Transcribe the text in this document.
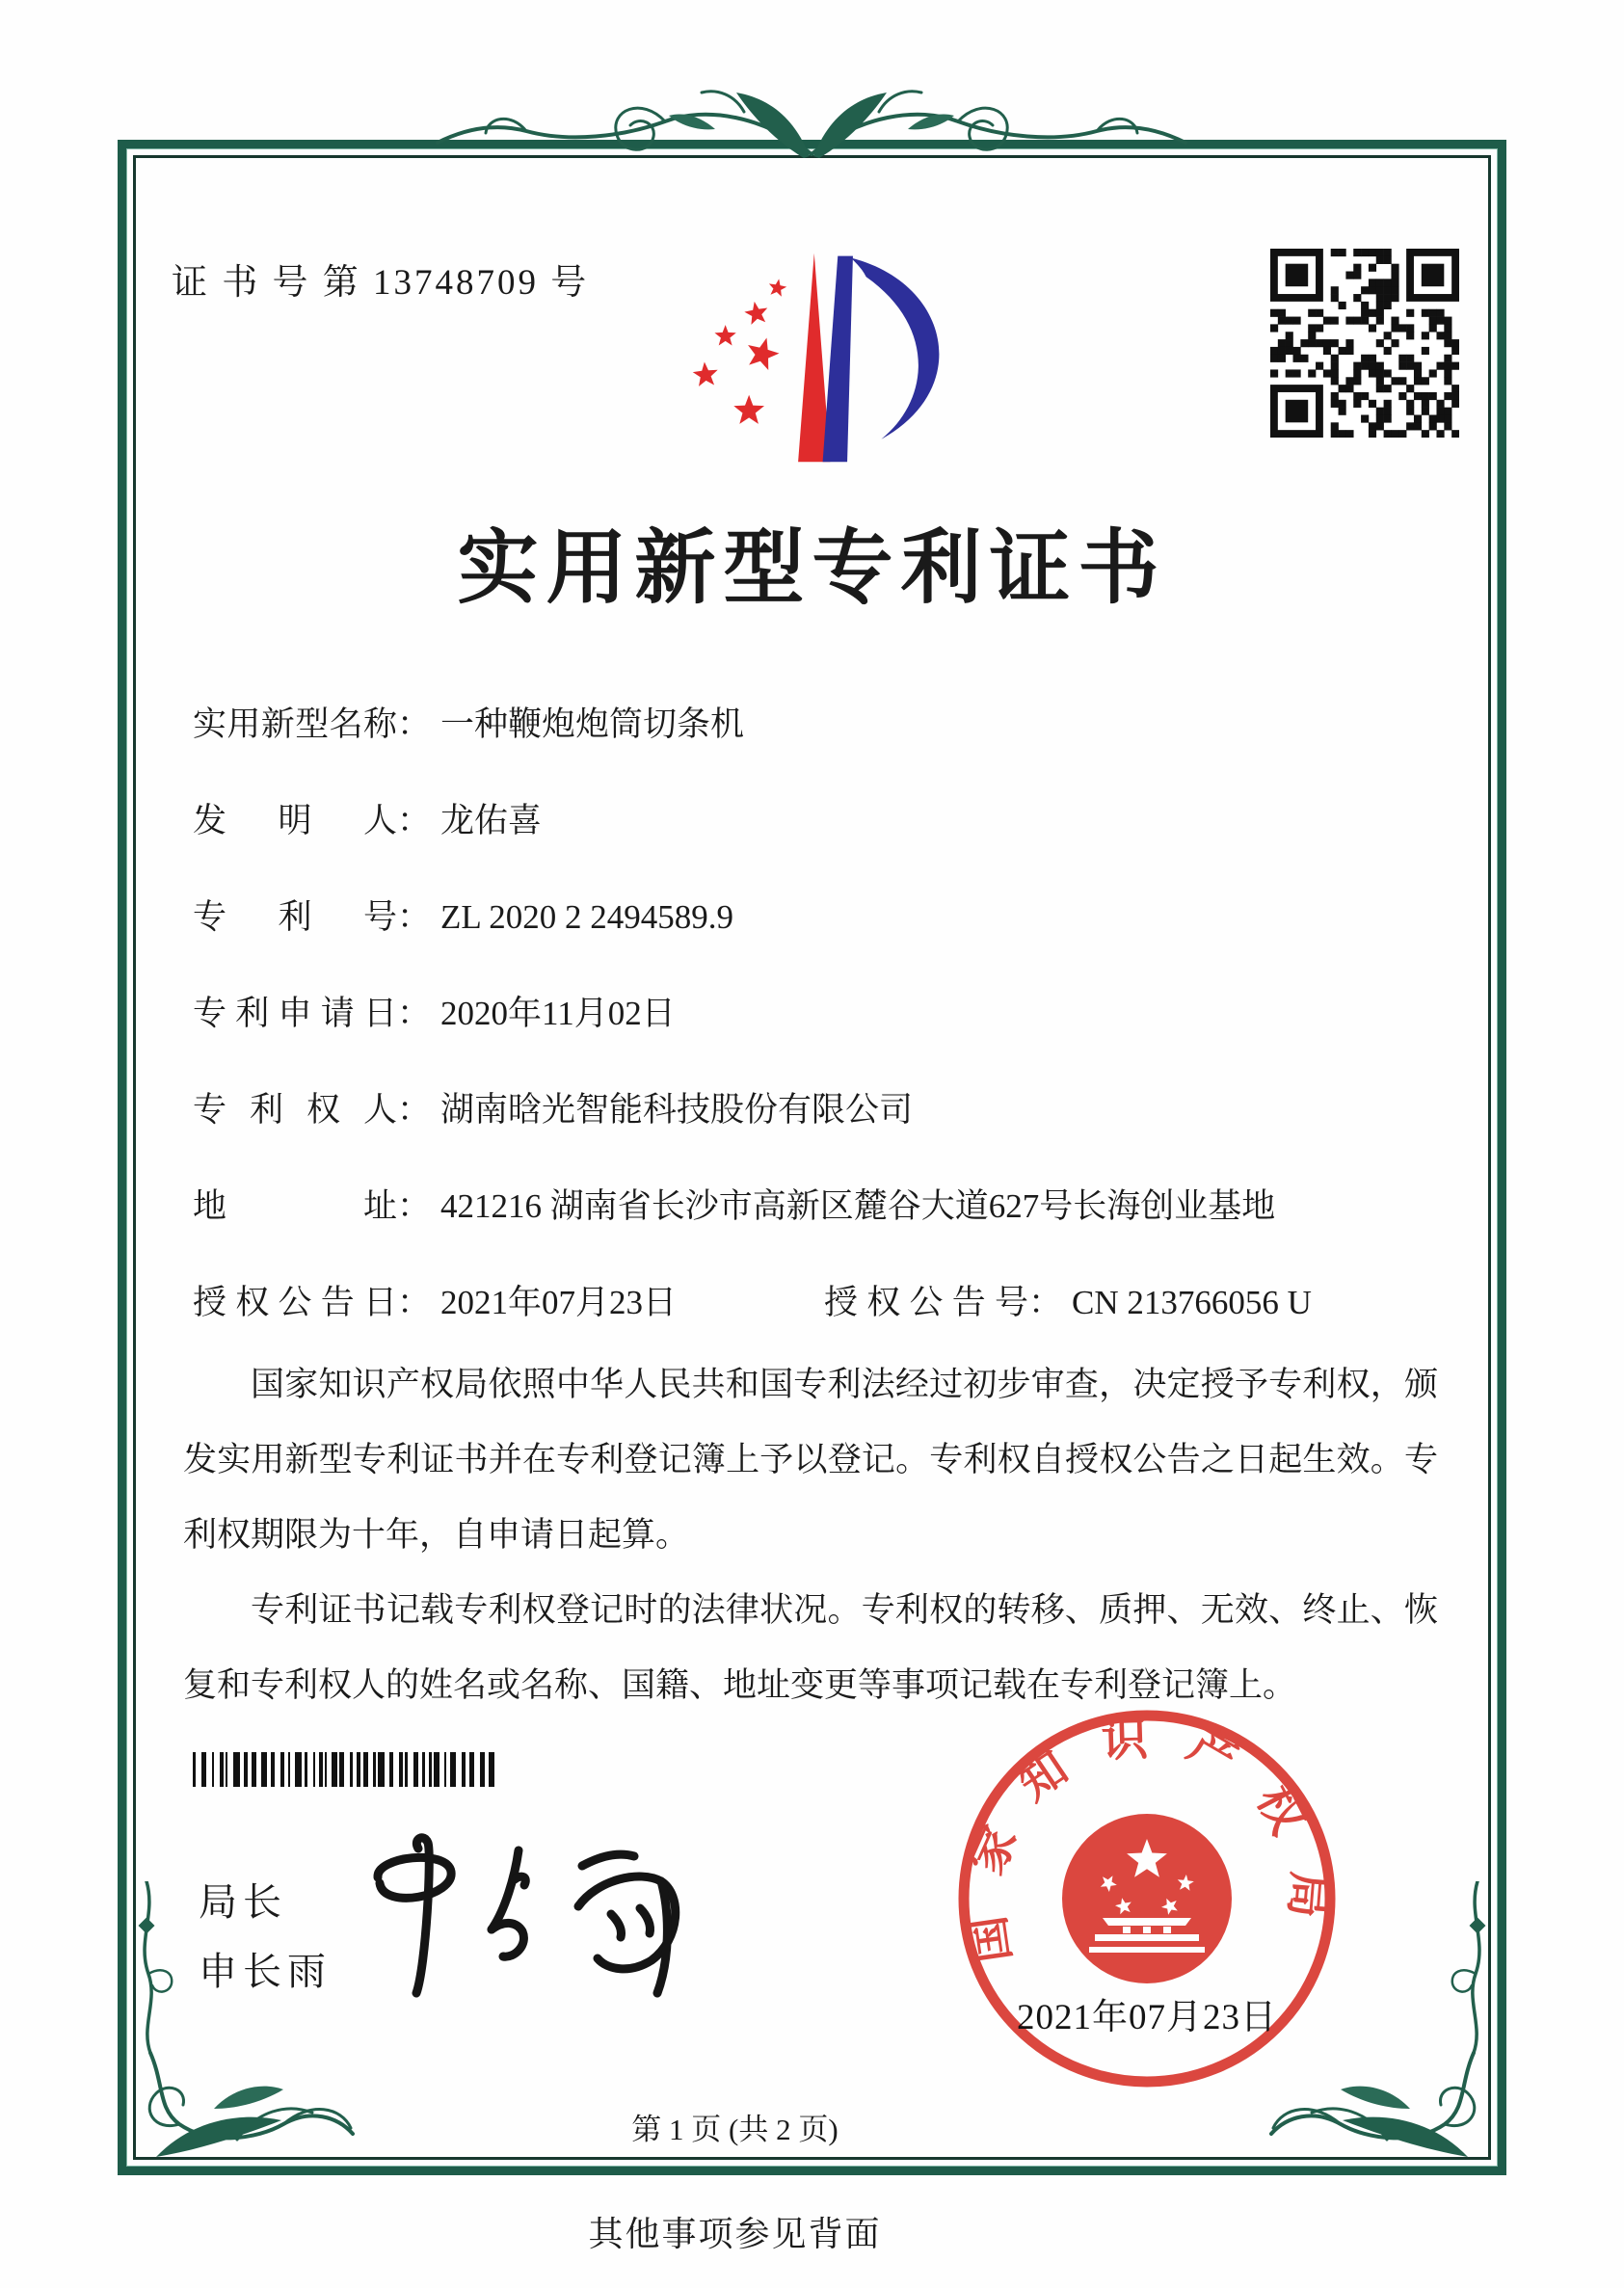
证 书 号 第 13748709 号
实用新型专利证书
实用新型名称： 一种鞭炮炮筒切条机
发明人： 龙佑喜
专利号： ZL 2020 2 2494589.9
专利申请日： 2020年11月02日
专利权人： 湖南晗光智能科技股份有限公司
地址： 421216 湖南省长沙市高新区麓谷大道627号长海创业基地
授权公告日： 2021年07月23日	授权公告号： CN 213766056 U

国家知识产权局依照中华人民共和国专利法经过初步审查，决定授予专利权，颁发实用新型专利证书并在专利登记簿上予以登记。专利权自授权公告之日起生效。专利权期限为十年，自申请日起算。

专利证书记载专利权登记时的法律状况。专利权的转移、质押、无效、终止、恢复和专利权人的姓名或名称、国籍、地址变更等事项记载在专利登记簿上。

局长
申长雨
国家知识产权局
2021年07月23日
第 1 页 (共 2 页)
其他事项参见背面
